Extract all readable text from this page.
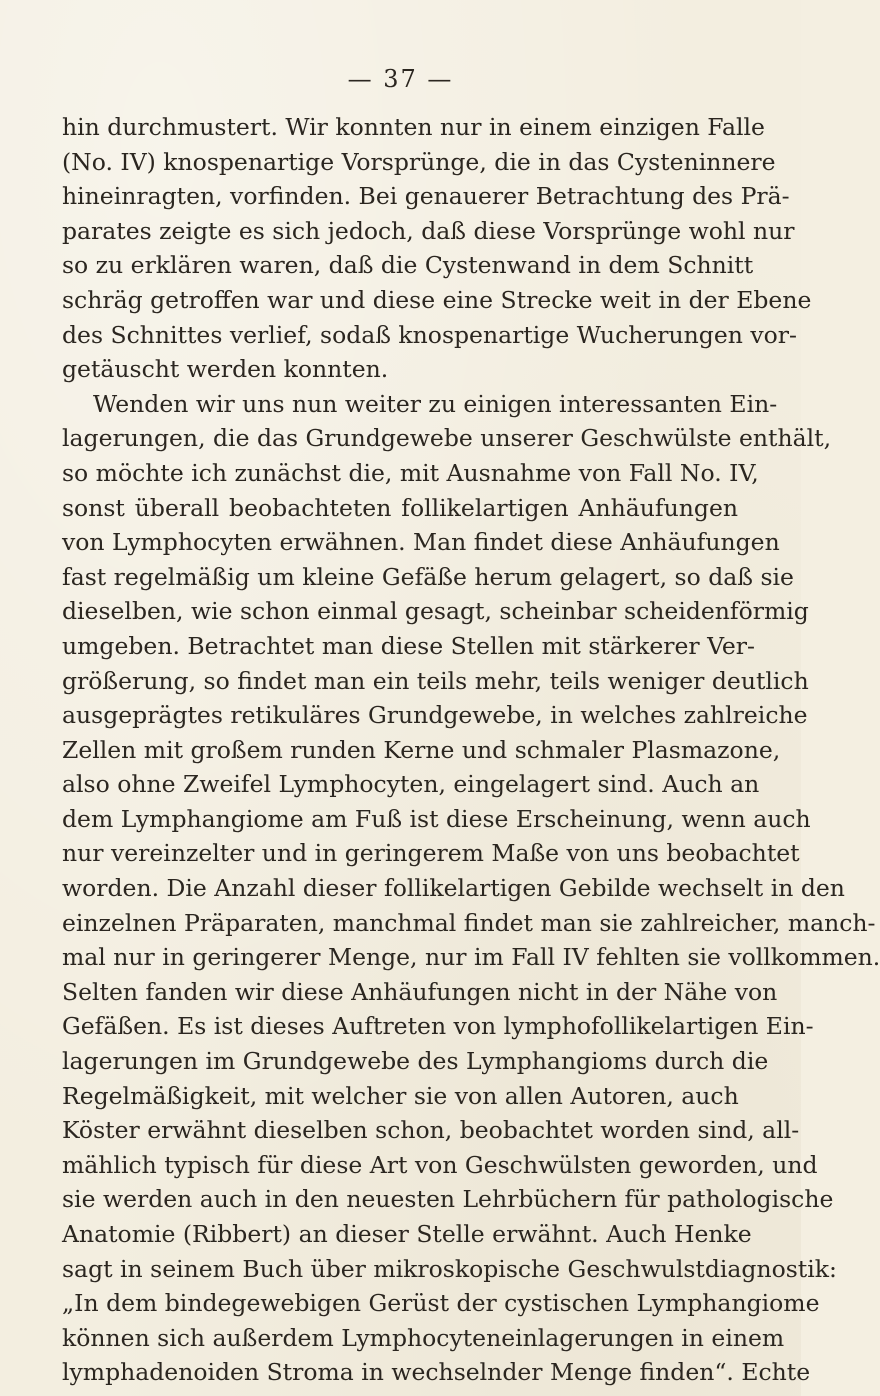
— 37 —
hin durchmustert. Wir konnten nur in einem einzigen Falle
(No. IV) knospenartige Vorsprünge, die in das Cysteninnere
hineinragten, vorfinden. Bei genauerer Betrachtung des Prä-
parates zeigte es sich jedoch, daß diese Vorsprünge wohl nur
so zu erklären waren, daß die Cystenwand in dem Schnitt
schräg getroffen war und diese eine Strecke weit in der Ebene
des Schnittes verlief, sodaß knospenartige Wucherungen vor-
getäuscht werden konnten.
Wenden wir uns nun weiter zu einigen interessanten Ein-
lagerungen, die das Grundgewebe unserer Geschwülste enthält,
so möchte ich zunächst die, mit Ausnahme von Fall No. IV,
sonst überall beobachteten follikelartigen Anhäufungen
von Lymphocyten erwähnen. Man findet diese Anhäufungen
fast regelmäßig um kleine Gefäße herum gelagert, so daß sie
dieselben, wie schon einmal gesagt, scheinbar scheidenförmig
umgeben. Betrachtet man diese Stellen mit stärkerer Ver-
größerung, so findet man ein teils mehr, teils weniger deutlich
ausgeprägtes retikuläres Grundgewebe, in welches zahlreiche
Zellen mit großem runden Kerne und schmaler Plasmazone,
also ohne Zweifel Lymphocyten, eingelagert sind. Auch an
dem Lymphangiome am Fuß ist diese Erscheinung, wenn auch
nur vereinzelter und in geringerem Maße von uns beobachtet
worden. Die Anzahl dieser follikelartigen Gebilde wechselt in den
einzelnen Präparaten, manchmal findet man sie zahlreicher, manch-
mal nur in geringerer Menge, nur im Fall IV fehlten sie vollkommen.
Selten fanden wir diese Anhäufungen nicht in der Nähe von
Gefäßen. Es ist dieses Auftreten von lymphofollikelartigen Ein-
lagerungen im Grundgewebe des Lymphangioms durch die
Regelmäßigkeit, mit welcher sie von allen Autoren, auch
Köster erwähnt dieselben schon, beobachtet worden sind, all-
mählich typisch für diese Art von Geschwülsten geworden, und
sie werden auch in den neuesten Lehrbüchern für pathologische
Anatomie (Ribbert) an dieser Stelle erwähnt. Auch Henke
sagt in seinem Buch über mikroskopische Geschwulstdiagnostik:
„In dem bindegewebigen Gerüst der cystischen Lymphangiome
können sich außerdem Lymphocyteneinlagerungen in einem
lymphadenoiden Stroma in wechselnder Menge finden“. Echte
